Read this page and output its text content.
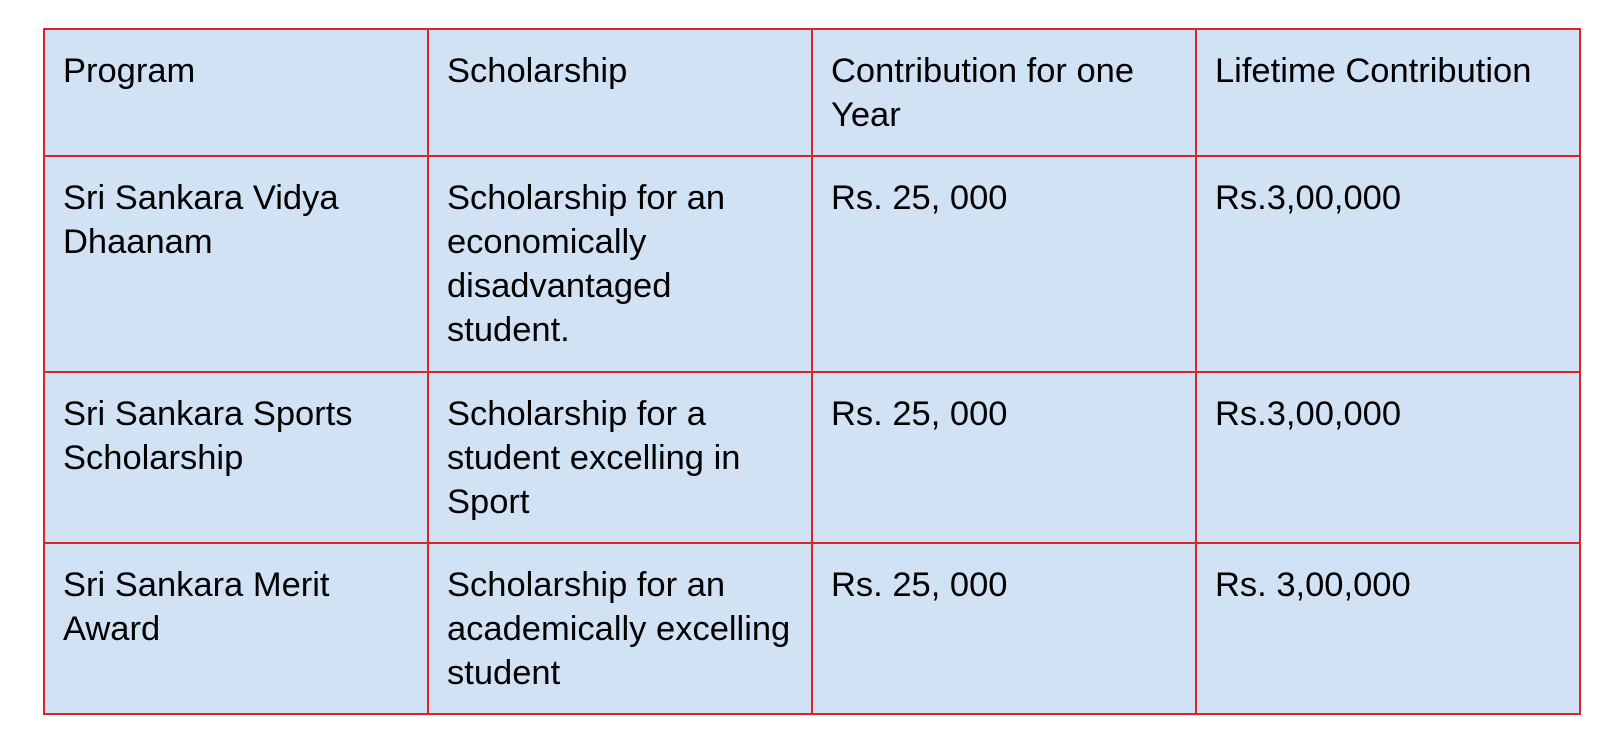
Program	Scholarship	Contribution for one Year	Lifetime Contribution
Sri Sankara Vidya Dhaanam	Scholarship for an economically disadvantaged student.	Rs. 25, 000	Rs.3,00,000
Sri Sankara Sports Scholarship	Scholarship for a student excelling in Sport	Rs. 25, 000	Rs.3,00,000
Sri Sankara Merit Award	Scholarship for an academically excelling student	Rs. 25, 000	Rs. 3,00,000
